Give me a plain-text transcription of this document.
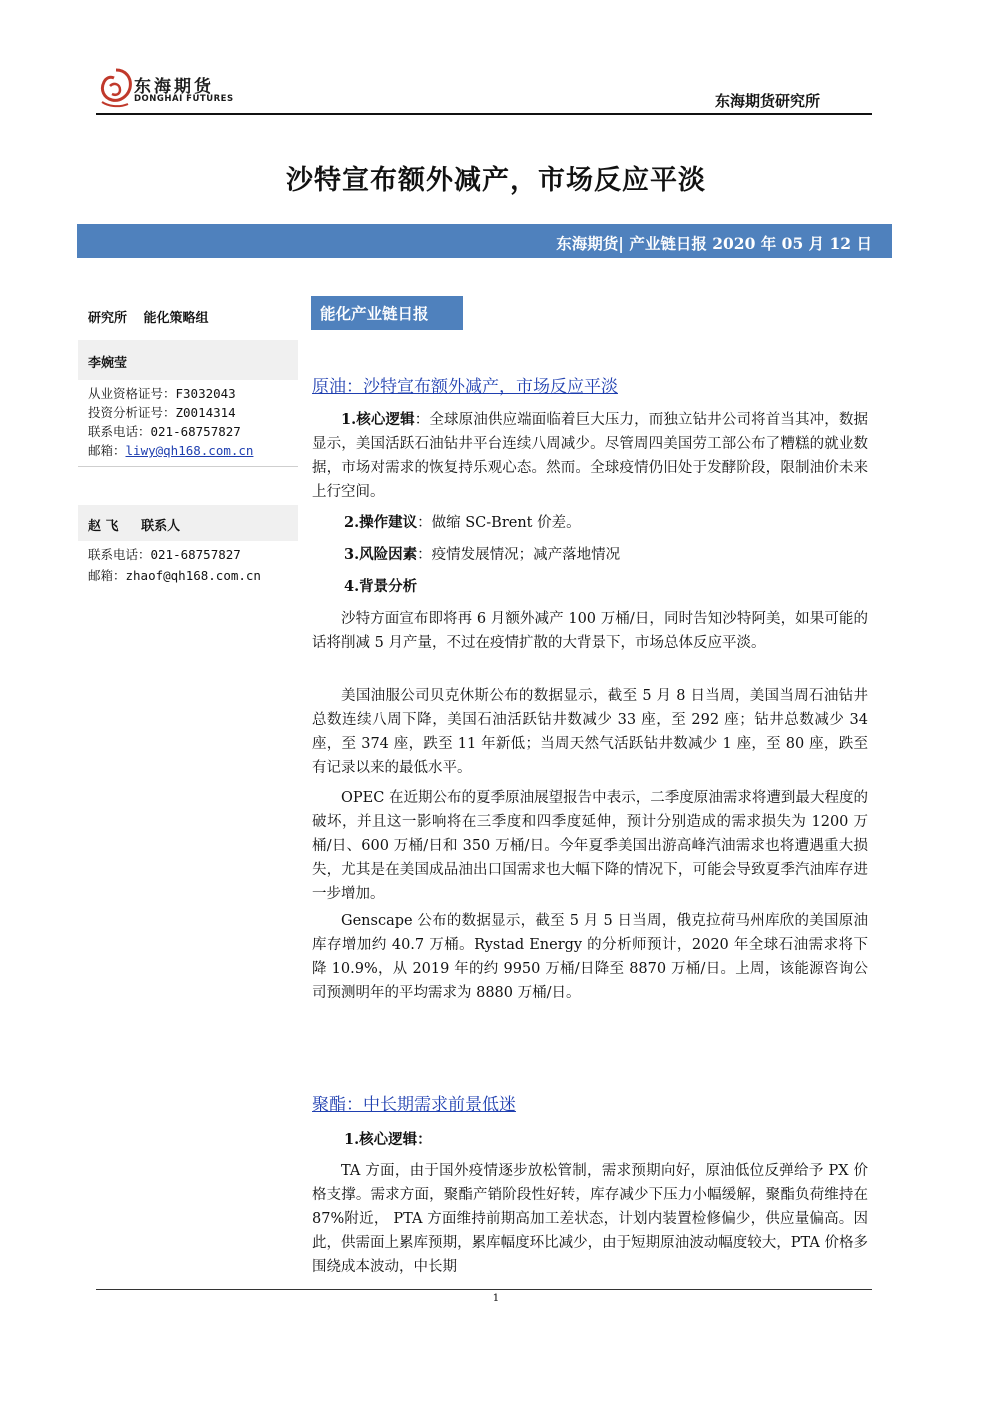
东海期货
DONGHAI FUTURES	东海期货研究所
沙特宣布额外减产，市场反应平淡
东海期货| 产业链日报 2020 年 05 月 12 日
研究所 能化策略组
李婉莹
从业资格证号：F3032043
投资分析证号：Z0014314
联系电话：021-68757827
邮箱：liwy@qh168.com.cn
赵 飞 联系人
联系电话：021-68757827
邮箱：zhaof@qh168.com.cn
能化产业链日报
原油：沙特宣布额外减产，市场反应平淡
1.核心逻辑：全球原油供应端面临着巨大压力，而独立钻井公司将首当其冲，数据显示，美国活跃石油钻井平台连续八周减少。尽管周四美国劳工部公布了糟糕的就业数据，市场对需求的恢复持乐观心态。然而。全球疫情仍旧处于发酵阶段，限制油价未来上行空间。
2.操作建议：做缩 SC-Brent 价差。
3.风险因素：疫情发展情况；减产落地情况
4.背景分析
沙特方面宣布即将再 6 月额外减产 100 万桶/日，同时告知沙特阿美，如果可能的话将削减 5 月产量，不过在疫情扩散的大背景下，市场总体反应平淡。
美国油服公司贝克休斯公布的数据显示，截至 5 月 8 日当周，美国当周石油钻井总数连续八周下降，美国石油活跃钻井数减少 33 座，至 292 座；钻井总数减少 34 座，至 374 座，跌至 11 年新低；当周天然气活跃钻井数减少 1 座，至 80 座，跌至有记录以来的最低水平。
OPEC 在近期公布的夏季原油展望报告中表示，二季度原油需求将遭到最大程度的破坏，并且这一影响将在三季度和四季度延伸，预计分别造成的需求损失为 1200 万桶/日、600 万桶/日和 350 万桶/日。今年夏季美国出游高峰汽油需求也将遭遇重大损失，尤其是在美国成品油出口国需求也大幅下降的情况下，可能会导致夏季汽油库存进一步增加。
Genscape 公布的数据显示，截至 5 月 5 日当周，俄克拉荷马州库欣的美国原油库存增加约 40.7 万桶。Rystad Energy 的分析师预计，2020 年全球石油需求将下降 10.9%，从 2019 年的约 9950 万桶/日降至 8870 万桶/日。上周，该能源咨询公司预测明年的平均需求为 8880 万桶/日。
聚酯：中长期需求前景低迷
1.核心逻辑：
TA 方面，由于国外疫情逐步放松管制，需求预期向好，原油低位反弹给予 PX 价格支撑。需求方面，聚酯产销阶段性好转，库存减少下压力小幅缓解，聚酯负荷维持在 87%附近， PTA 方面维持前期高加工差状态，计划内装置检修偏少，供应量偏高。因此，供需面上累库预期，累库幅度环比减少，由于短期原油波动幅度较大，PTA 价格多围绕成本波动，中长期
1
